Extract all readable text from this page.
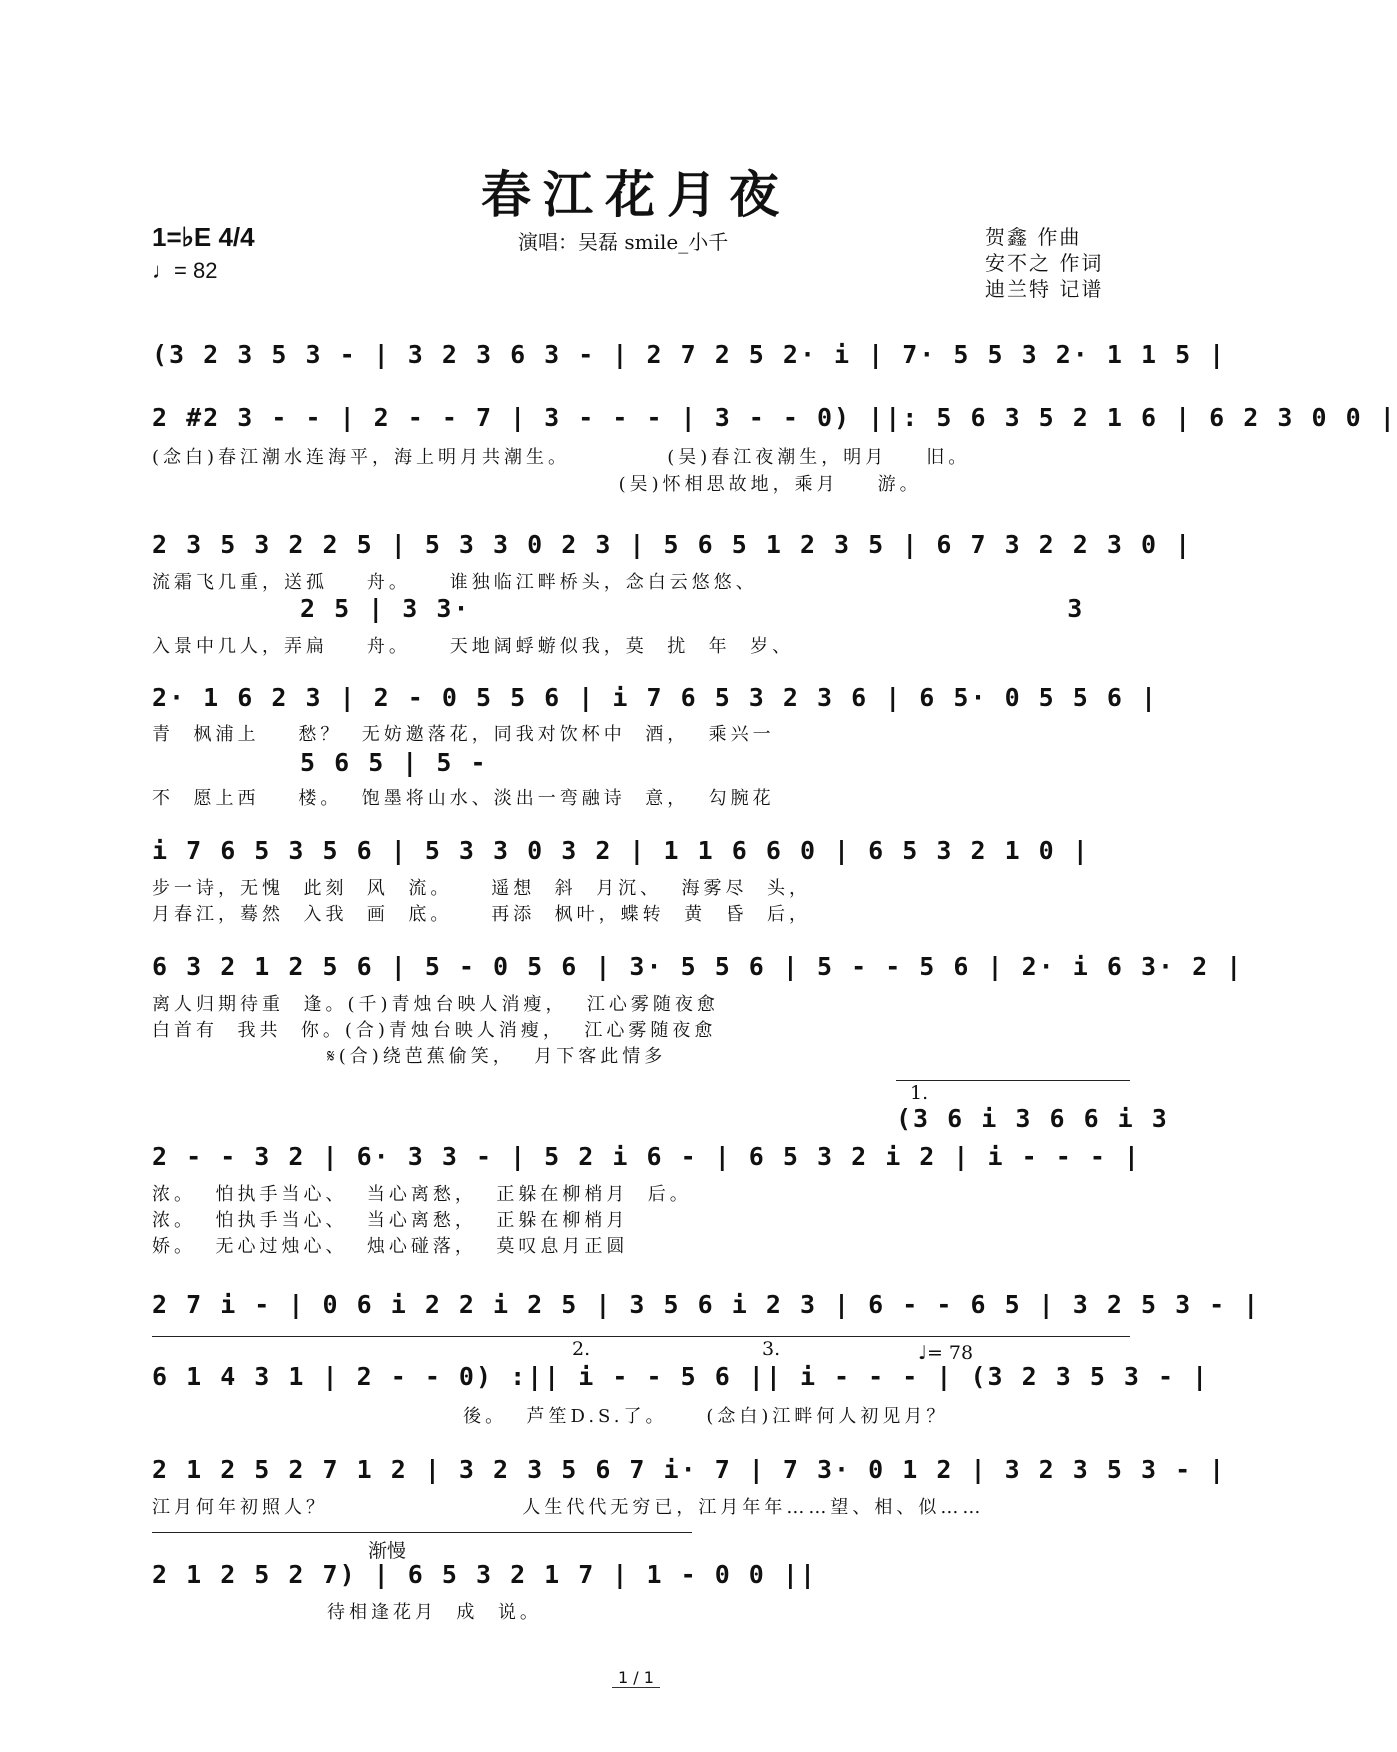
春江花月夜
1=♭E 4/4
♩= 82
演唱：吴磊 smile_小千	贺鑫 作曲
安不之 作词
迪兰特 记谱
(3 2 3 5 3 - | 3 2 3 6 3 - | 2 7 2 5 2· i | 7· 5 5 3 2· 1 1 5 |
2 #2 3 - - | 2 - - 7 | 3 - - - | 3 - - 0) ||: 5 6 3 5 2 1 6 | 6 2 3 0 0 |
(念白)春江潮水连海平，海上明月共潮生。          (吴)春江夜潮生，明月    旧。
(吴)怀相思故地，乘月    游。
2 3 5 3 2 2 5 | 5 3 3 0 2 3 | 5 6 5 1 2 3 5 | 6 7 3 2 2 3 0 |
流霜飞几重，送孤    舟。    谁独临江畔桥头，念白云悠悠、
2 5 | 3 3·                                   3
入景中几人，弄扁    舟。    天地阔蜉蝣似我，莫  扰  年  岁、
2· 1 6 2 3 | 2 - 0 5 5 6 | i 7 6 5 3 2 3 6 | 6 5· 0 5 5 6 |
青  枫浦上    愁？  无妨邀落花，同我对饮杯中  酒，  乘兴一
5 6 5 | 5 -
不  愿上西    楼。  饱墨将山水、淡出一弯融诗  意，  勾腕花
i 7 6 5 3 5 6 | 5 3 3 0 3 2 | 1 1 6 6 0 | 6 5 3 2 1 0 |
步一诗，无愧  此刻  风  流。    遥想  斜  月沉、  海雾尽  头，
月春江，蓦然  入我  画  底。    再添  枫叶，蝶转  黄  昏  后，
6 3 2 1 2 5 6 | 5 - 0 5 6 | 3· 5 5 6 | 5 - - 5 6 | 2· i 6 3· 2 |
离人归期待重  逢。(千)青烛台映人消瘦，  江心雾随夜愈
白首有  我共  你。(合)青烛台映人消瘦，  江心雾随夜愈
𝄋(合)绕芭蕉偷笑，  月下客此情多
1.
(3 6 i 3 6 6 i 3
2 - - 3 2 | 6· 3 3 - | 5 2 i 6 - | 6 5 3 2 i 2 | i - - - |
浓。  怕执手当心、  当心离愁，  正躲在柳梢月  后。
浓。  怕执手当心、  当心离愁，  正躲在柳梢月
娇。  无心过烛心、  烛心碰落，  莫叹息月正圆
2 7 i - | 0 6 i 2 2 i 2 5 | 3 5 6 i 2 3 | 6 - - 6 5 | 3 2 5 3 - |
2.	3.	♩= 78
6 1 4 3 1 | 2 - - 0) :|| i - - 5 6 || i - - - | (3 2 3 5 3 - |
後。  芦笙D.S.了。    (念白)江畔何人初见月？
2 1 2 5 2 7 1 2 | 3 2 3 5 6 7 i· 7 | 7 3· 0 1 2 | 3 2 3 5 3 - |
江月何年初照人？                    人生代代无穷已，江月年年……望、相、似……
渐慢
2 1 2 5 2 7) | 6 5 3 2 1 7 | 1 - 0 0 ||
待相逢花月  成  说。
1 / 1
